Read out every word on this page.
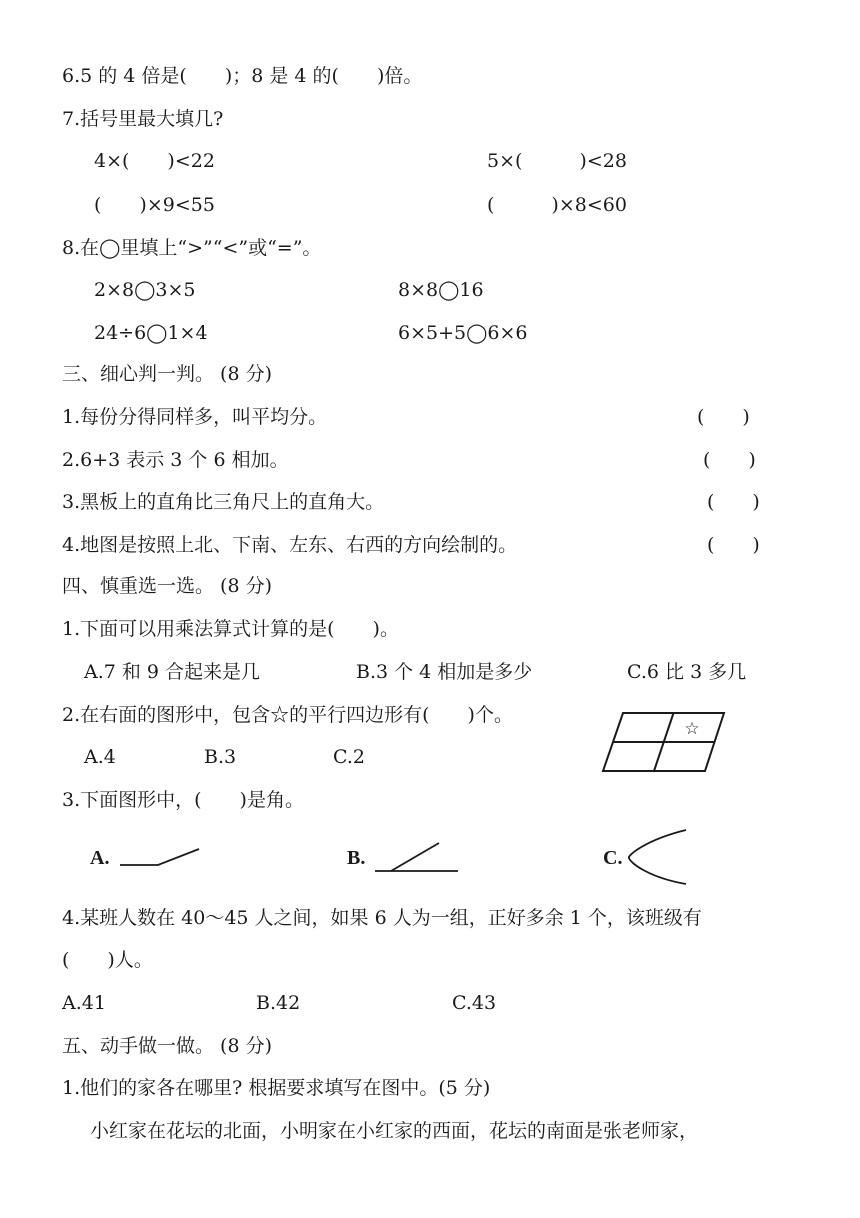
6.5 的 4 倍是(　　)；8 是 4 的(　　)倍。
7.括号里最大填几?
4×(　　)<22	5×(　　　)<28
(　　)×9<55	(　　　)×8<60
8.在◯里填上“>”“<”或“=”。
2×8◯3×5	8×8◯16
24÷6◯1×4	6×5+5◯6×6
三、细心判一判。 (8 分)
1.每份分得同样多，叫平均分。	(　　)
2.6+3 表示 3 个 6 相加。	(　　)
3.黑板上的直角比三角尺上的直角大。	(　　)
4.地图是按照上北、下南、左东、右西的方向绘制的。	(　　)
四、慎重选一选。 (8 分)
1.下面可以用乘法算式计算的是(　　)。
A.7 和 9 合起来是几	B.3 个 4 相加是多少	C.6 比 3 多几
2.在右面的图形中，包含☆的平行四边形有(　　)个。
A.4	B.3	C.2
☆
3.下面图形中，(　　)是角。
A.	B.	C.
4.某班人数在 40～45 人之间，如果 6 人为一组，正好多余 1 个，该班级有
(　　)人。
A.41	B.42	C.43
五、动手做一做。 (8 分)
1.他们的家各在哪里? 根据要求填写在图中。(5 分)
小红家在花坛的北面，小明家在小红家的西面，花坛的南面是张老师家，
